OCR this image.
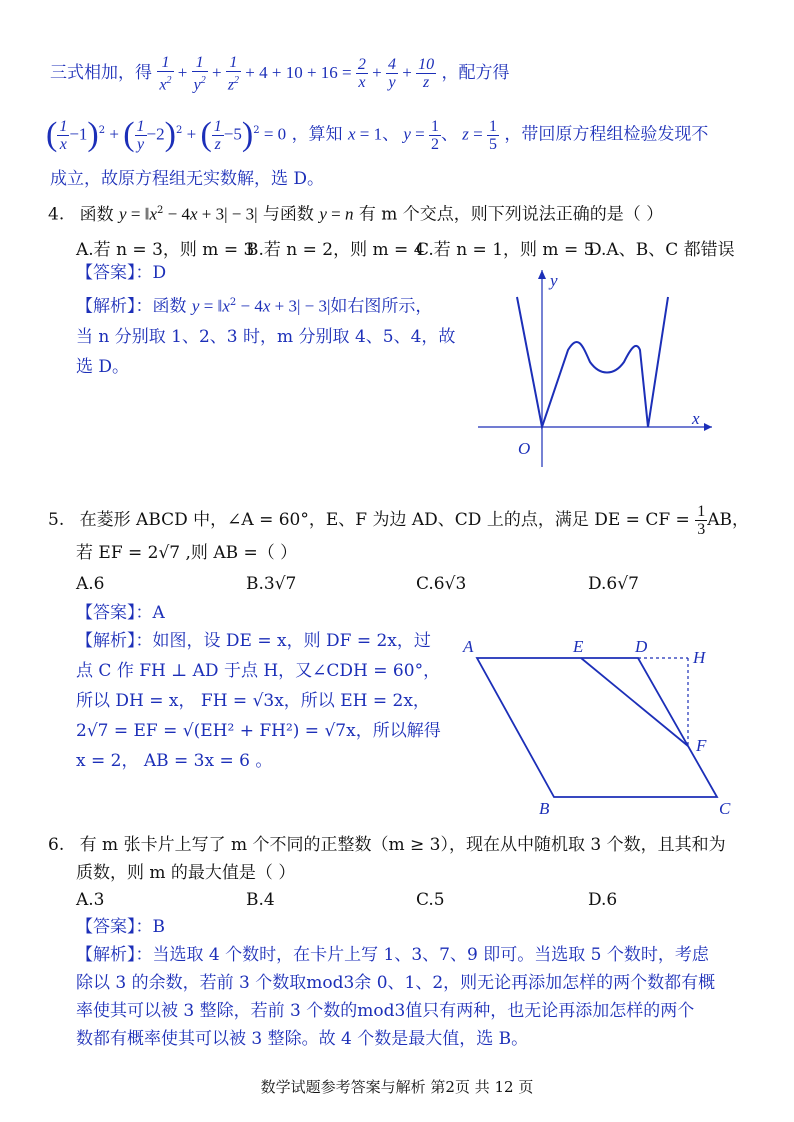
三式相加，得 $\frac{1}{x^2} + \frac{1}{y^2} + \frac{1}{z^2} + 4 + 10 + 16 = \frac{2}{x} + \frac{4}{y} + \frac{10}{z}$ ，配方得
( $\frac{1}{x} -1)^2$ + ( $\frac{1}{y} -2)^2$ + ( $\frac{1}{z} -5)^2 = 0$ ，算知 x = 1、 $y = \frac{1}{2}$ 、 $z = \frac{1}{5}$ ，带回原方程组检验发现不
成立，故原方程组无实数解，选 D。
4. 函数 $y = ‖x^2 - 4x + 3| - 3|$ 与函数 y = n 有 m 个交点，则下列说法正确的是（ ）
A.若 n = 3，则 m = 3
B.若 n = 2，则 m = 4
C.若 n = 1，则 m = 5
D.A、B、C 都错误
【答案】：D
【解析】：函数 $y = ‖x^2 - 4x + 3| - 3|$如右图所示，
当 n 分别取 1、2、3 时，m 分别取 4、5、4，故
选 D。
x
y
O
5. 在菱形 ABCD 中，∠A = 60°，E、F 为边 AD、CD 上的点，满足 DE = CF = $\frac{1}{3}$ AB，
若 EF = 2√7 ,则 AB =（ ）
A.6	B.3√7	C.6√3	D.6√7
【答案】：A
【解析】：如图，设 DE = x，则 DF = 2x，过
点 C 作 FH ⊥ AD 于点 H，又∠CDH = 60°，
所以 DH = x， FH = √3x，所以 EH = 2x，
2√7 = EF = √(EH² + FH²) = √7x，所以解得
x = 2， AB = 3x = 6 。
A	E	D
H
F
B	C
6. 有 m 张卡片上写了 m 个不同的正整数（m ≥ 3），现在从中随机取 3 个数，且其和为
质数，则 m 的最大值是（ ）
A.3	B.4	C.5	D.6
【答案】：B
【解析】：当选取 4 个数时，在卡片上写 1、3、7、9 即可。当选取 5 个数时，考虑
除以 3 的余数，若前 3 个数取mod3余 0、1、2，则无论再添加怎样的两个数都有概
率使其可以被 3 整除，若前 3 个数的mod3值只有两种，也无论再添加怎样的两个
数都有概率使其可以被 3 整除。故 4 个数是最大值，选 B。
数学试题参考答案与解析 第2页 共 12 页
